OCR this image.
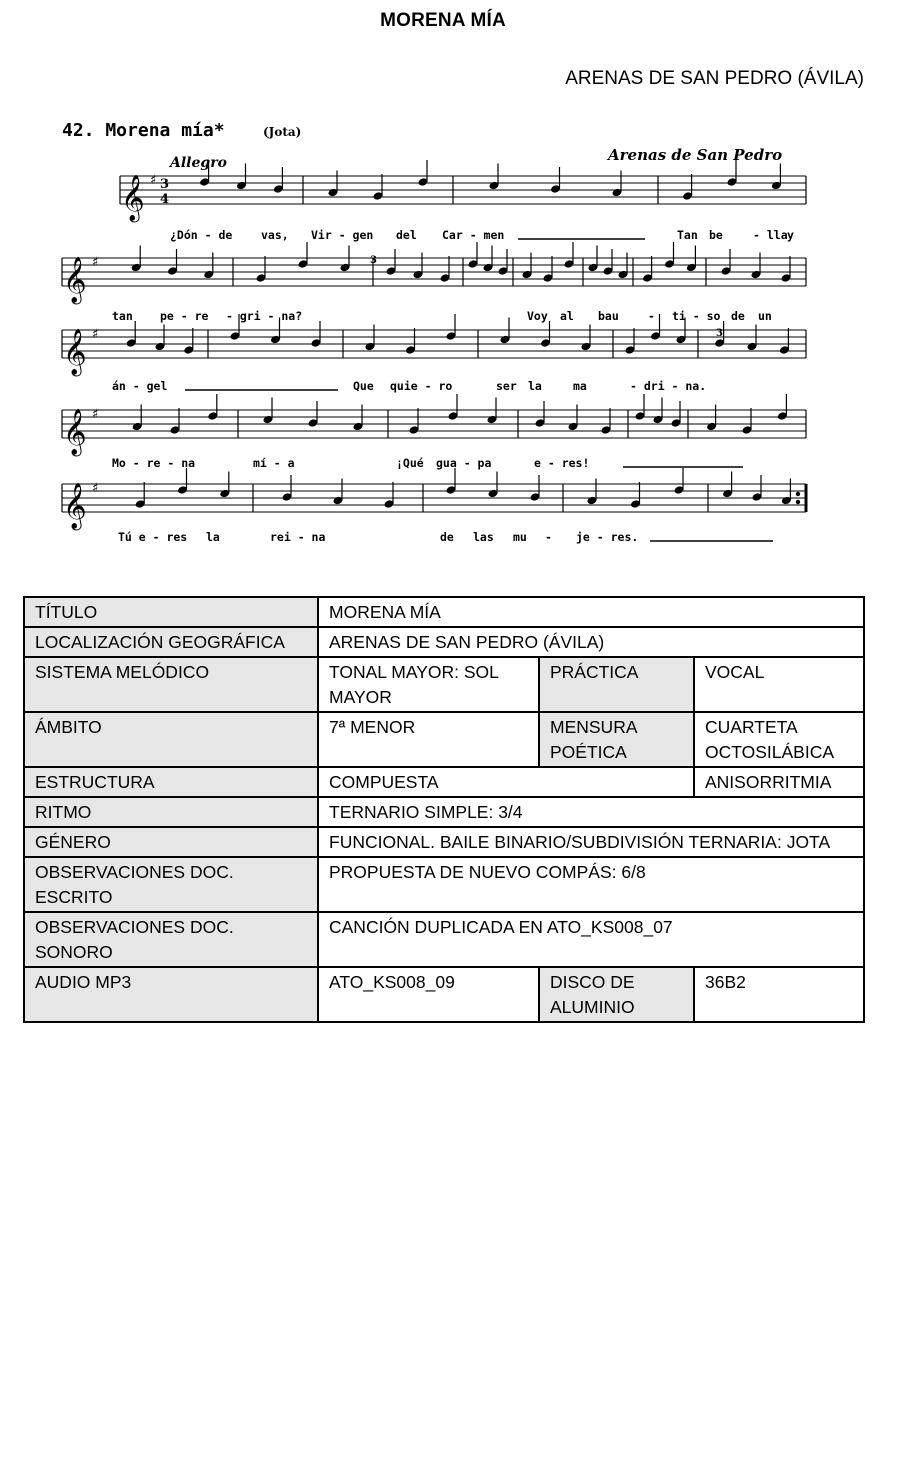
MORENA MÍA
ARENAS DE SAN PEDRO (ÁVILA)
42. Morena mía*	(Jota)
Allegro	Arenas de San Pedro
𝄞 ♯ 3
4
𝄞 ♯
𝄞 ♯
𝄞 ♯
𝄞 ♯
3
3
¿Dón - de vas, Vir - gen del Car - men	Tan be	- lla y
tan pe - re - gri - na?	Voy al bau	- ti - so de un
án - gel	Que quie - ro	ser la	ma	- dri - na.
Mo - re - na	mí - a	¡Qué gua - pa	e - res!
Tú e - res la	rei - na	de las mu - je - res.
TÍTULO	MORENA MÍA		
LOCALIZACIÓN GEOGRÁFICA	ARENAS DE SAN PEDRO (ÁVILA)		
SISTEMA MELÓDICO	TONAL MAYOR: SOL MAYOR	PRÁCTICA	VOCAL
ÁMBITO	7ª MENOR	MENSURA POÉTICA	CUARTETA OCTOSILÁBICA
ESTRUCTURA	COMPUESTA		ANISORRITMIA
RITMO	TERNARIO SIMPLE: 3/4		
GÉNERO	FUNCIONAL. BAILE BINARIO/SUBDIVISIÓN TERNARIA: JOTA		
OBSERVACIONES DOC. ESCRITO	PROPUESTA DE NUEVO COMPÁS: 6/8		
OBSERVACIONES DOC. SONORO	CANCIÓN DUPLICADA EN ATO_KS008_07		
AUDIO MP3	ATO_KS008_09	DISCO DE ALUMINIO	36B2
